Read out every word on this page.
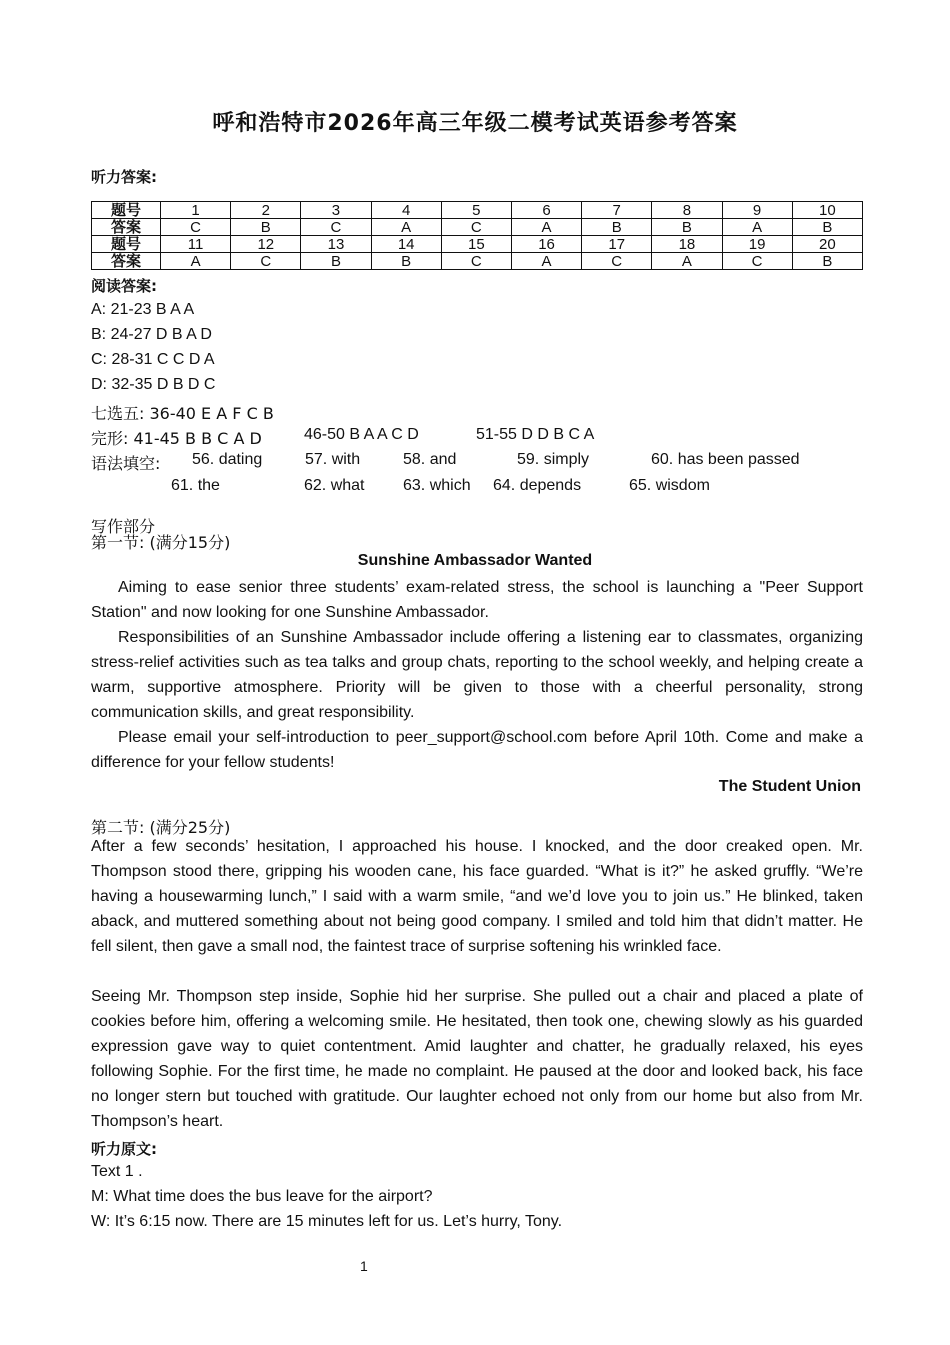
呼和浩特市2026年高三年级二模考试英语参考答案
听力答案:
题号	1	2	3	4	5	6	7	8	9	10
答案	C	B	C	A	C	A	B	B	A	B
题号	11	12	13	14	15	16	17	18	19	20
答案	A	C	B	B	C	A	C	A	C	B
阅读答案:
A: 21-23 B A A
B: 24-27 D B A D
C: 28-31 C C D A
D: 32-35 D B D C
七选五: 36-40 E A F C B
完形: 41-45 B B C A D	46-50 B A A C D	51-55 D D B C A
语法填空: 56. dating	57. with	58. and	59. simply	60. has been passed
61. the	62. what 63. which 64. depends	65. wisdom
写作部分
第一节: (满分15分)
Sunshine Ambassador Wanted
Aiming to ease senior three students’ exam-related stress, the school is launching a "Peer Support Station" and now looking for one Sunshine Ambassador.
Responsibilities of an Sunshine Ambassador include offering a listening ear to classmates, organizing stress-relief activities such as tea talks and group chats, reporting to the school weekly, and helping create a warm, supportive atmosphere. Priority will be given to those with a cheerful personality, strong communication skills, and great responsibility.
Please email your self-introduction to peer_support@school.com before April 10th. Come and make a difference for your fellow students!
The Student Union
第二节: (满分25分)
After a few seconds’ hesitation, I approached his house. I knocked, and the door creaked open. Mr. Thompson stood there, gripping his wooden cane, his face guarded. “What is it?” he asked gruffly. “We’re having a housewarming lunch,” I said with a warm smile, “and we’d love you to join us.” He blinked, taken aback, and muttered something about not being good company. I smiled and told him that didn’t matter. He fell silent, then gave a small nod, the faintest trace of surprise softening his wrinkled face.
Seeing Mr. Thompson step inside, Sophie hid her surprise. She pulled out a chair and placed a plate of cookies before him, offering a welcoming smile. He hesitated, then took one, chewing slowly as his guarded expression gave way to quiet contentment. Amid laughter and chatter, he gradually relaxed, his eyes following Sophie. For the first time, he made no complaint. He paused at the door and looked back, his face no longer stern but touched with gratitude. Our laughter echoed not only from our home but also from Mr. Thompson’s heart.
听力原文:
Text 1 .
M: What time does the bus leave for the airport?
W: It’s 6:15 now. There are 15 minutes left for us. Let’s hurry, Tony.
1
